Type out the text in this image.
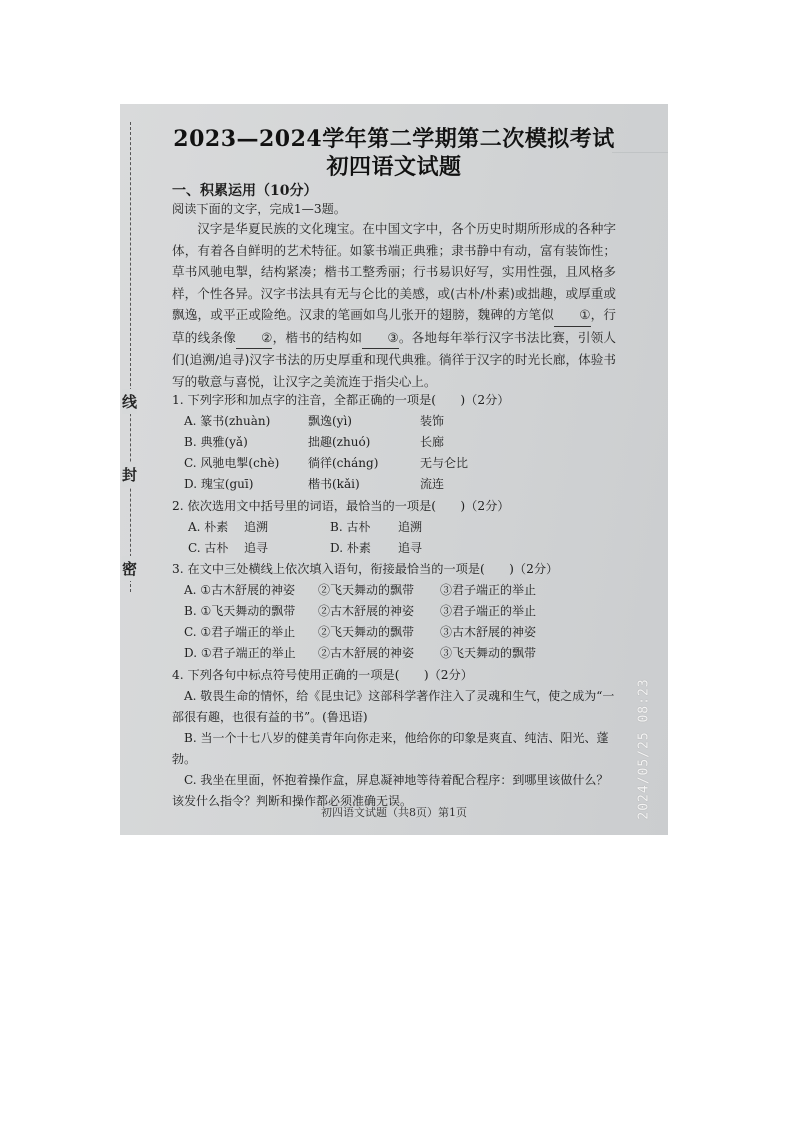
线
封
密
2023—2024学年第二学期第二次模拟考试
初四语文试题
一、积累运用（10分）
阅读下面的文字，完成1—3题。

汉字是华夏民族的文化瑰宝。在中国文字中，各个历史时期所形成的各种字体，有着各自鲜明的艺术特征。如篆书端正典雅；隶书静中有动，富有装饰性；草书风驰电掣，结构紧凑；楷书工整秀丽；行书易识好写，实用性强，且风格多样，个性各异。汉字书法具有无与仑比的美感，或(古朴/朴素)或拙趣，或厚重或飘逸，或平正或险绝。汉隶的笔画如鸟儿张开的翅膀，魏碑的方笔似 ①，行草的线条像 ②，楷书的结构如 ③。各地每年举行汉字书法比赛，引领人们(追溯/追寻)汉字书法的历史厚重和现代典雅。徜徉于汉字的时光长廊，体验书写的敬意与喜悦，让汉字之美流连于指尖心上。

1. 下列字形和加点字的注音，全都正确的一项是(　　)（2分）
A. 篆书(zhuàn)	飘逸(yì)	装饰
B. 典雅(yǎ)	拙趣(zhuó)	长廊
C. 风驰电掣(chè) 徜徉(cháng)	无与仑比
D. 瑰宝(guī)	楷书(kǎi)	流连
2. 依次选用文中括号里的词语，最恰当的一项是(　　)（2分）
A. 朴素 追溯	B. 古朴 追溯
C. 古朴 追寻	D. 朴素 追寻
3. 在文中三处横线上依次填入语句，衔接最恰当的一项是(　　)（2分）
A. ①古木舒展的神姿 ②飞天舞动的飘带 ③君子端正的举止
B. ①飞天舞动的飘带 ②古木舒展的神姿 ③君子端正的举止
C. ①君子端正的举止 ②飞天舞动的飘带 ③古木舒展的神姿
D. ①君子端正的举止 ②古木舒展的神姿 ③飞天舞动的飘带
4. 下列各句中标点符号使用正确的一项是(　　)（2分）

A. 敬畏生命的情怀，给《昆虫记》这部科学著作注入了灵魂和生气，使之成为“一部很有趣，也很有益的书”。(鲁迅语)

B. 当一个十七八岁的健美青年向你走来，他给你的印象是爽直、纯洁、阳光、蓬勃。

C. 我坐在里面，怀抱着操作盒，屏息凝神地等待着配合程序：到哪里该做什么？该发什么指令？判断和操作都必须准确无误。

初四语文试题（共8页）第1页	2024/05/25 08:23
